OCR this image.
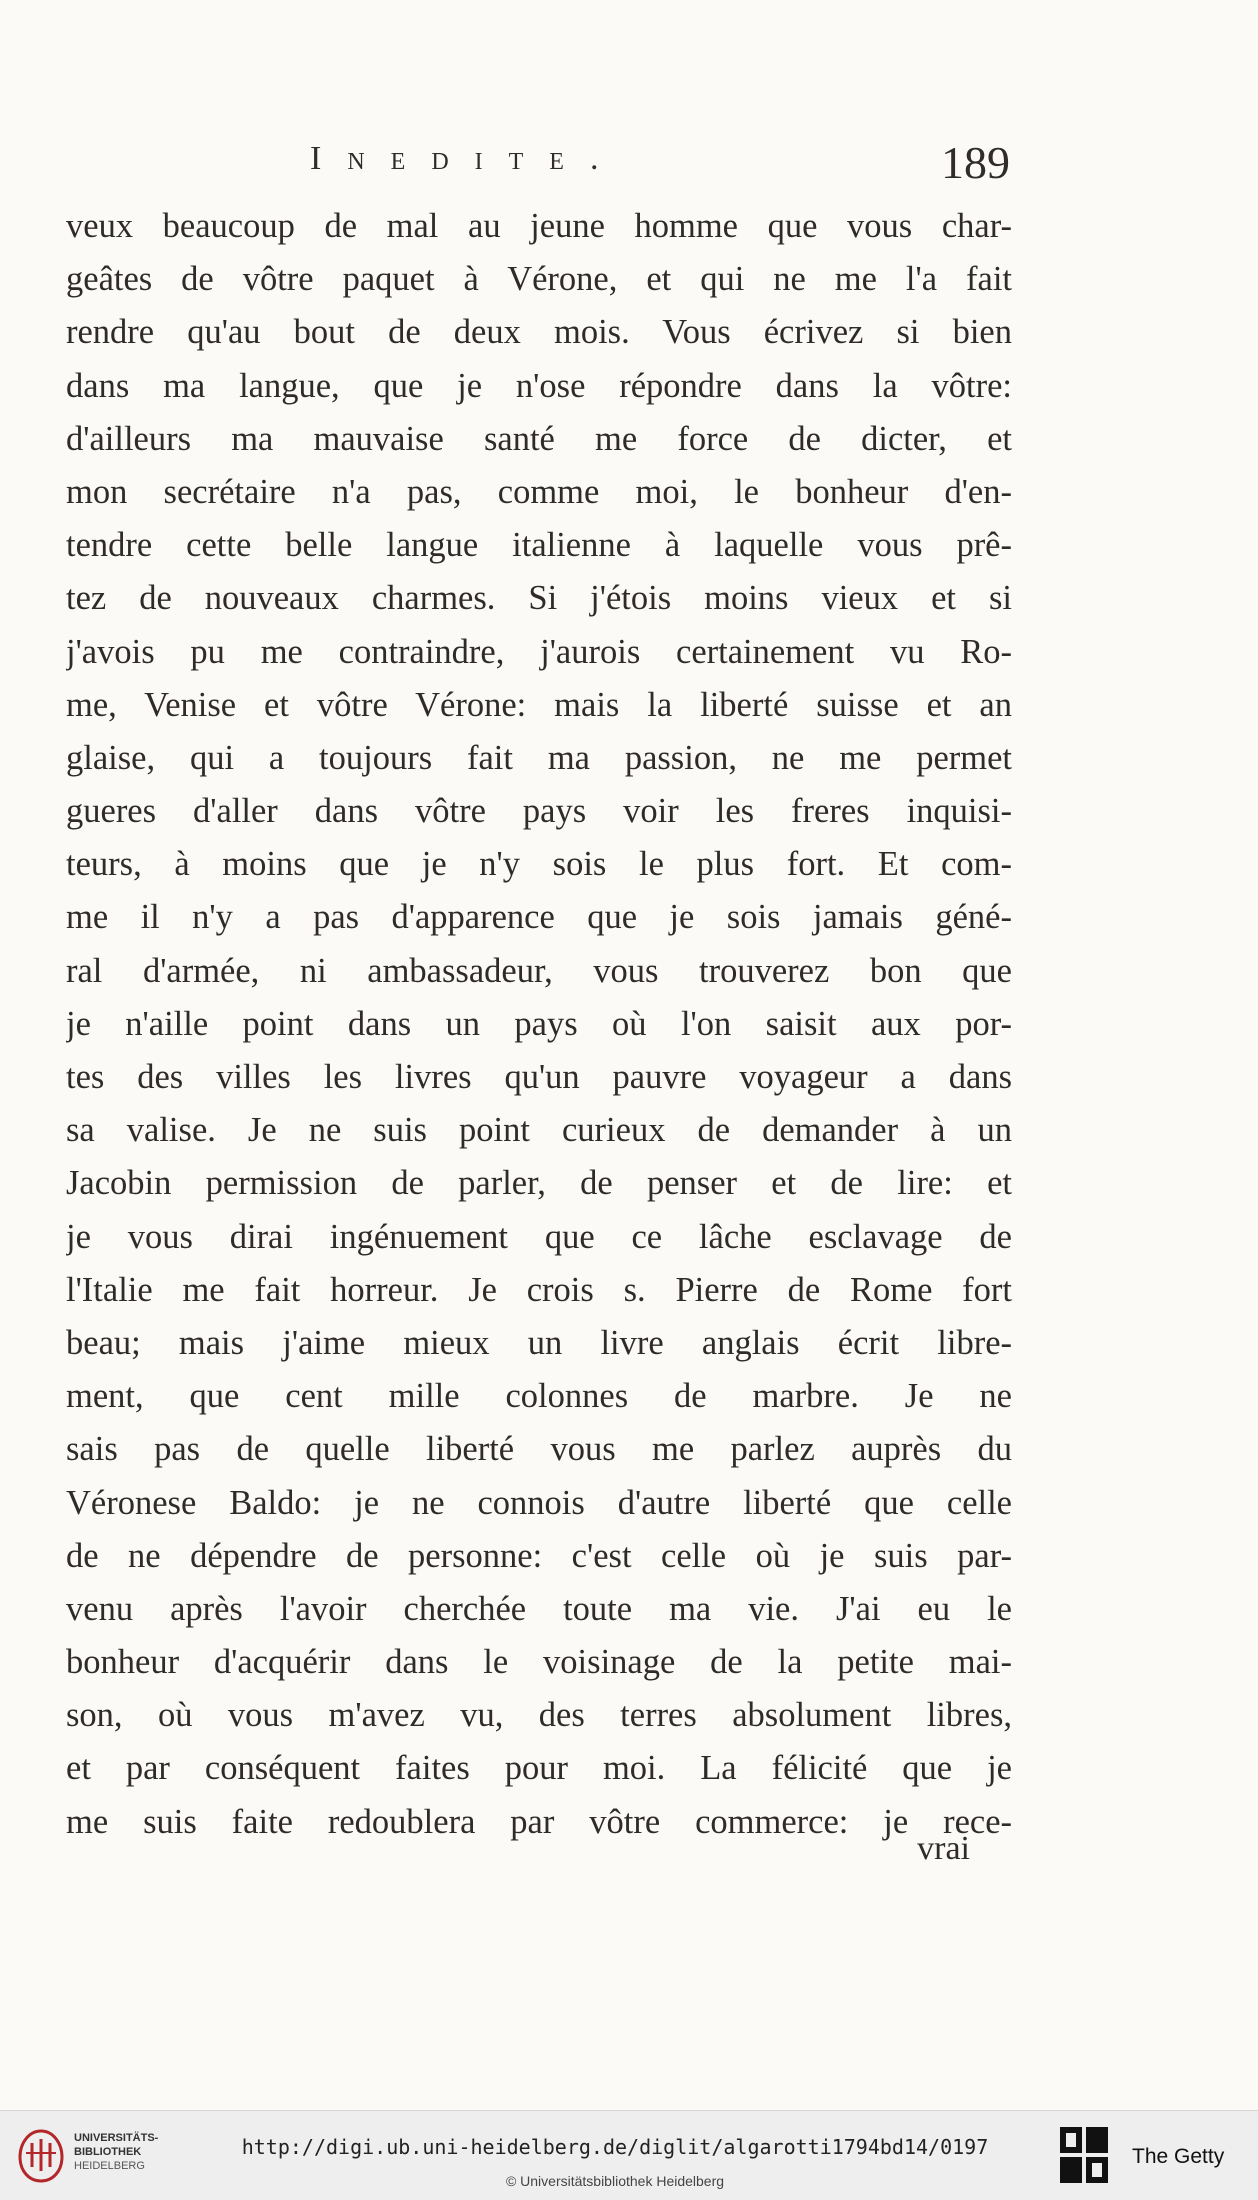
Inedite.	189
veux beaucoup de mal au jeune homme que vous char-
geâtes de vôtre paquet à Vérone, et qui ne me l'a fait
rendre qu'au bout de deux mois. Vous écrivez si bien
dans ma langue, que je n'ose répondre dans la vôtre:
d'ailleurs ma mauvaise santé me force de dicter, et
mon secrétaire n'a pas, comme moi, le bonheur d'en-
tendre cette belle langue italienne à laquelle vous prê-
tez de nouveaux charmes. Si j'étois moins vieux et si
j'avois pu me contraindre, j'aurois certainement vu Ro-
me, Venise et vôtre Vérone: mais la liberté suisse et an
glaise, qui a toujours fait ma passion, ne me permet
gueres d'aller dans vôtre pays voir les freres inquisi-
teurs, à moins que je n'y sois le plus fort. Et com-
me il n'y a pas d'apparence que je sois jamais géné-
ral d'armée, ni ambassadeur, vous trouverez bon que
je n'aille point dans un pays où l'on saisit aux por-
tes des villes les livres qu'un pauvre voyageur a dans
sa valise. Je ne suis point curieux de demander à un
Jacobin permission de parler, de penser et de lire: et
je vous dirai ingénuement que ce lâche esclavage de
l'Italie me fait horreur. Je crois s. Pierre de Rome fort
beau; mais j'aime mieux un livre anglais écrit libre-
ment, que cent mille colonnes de marbre. Je ne
sais pas de quelle liberté vous me parlez auprès du
Véronese Baldo: je ne connois d'autre liberté que celle
de ne dépendre de personne: c'est celle où je suis par-
venu après l'avoir cherchée toute ma vie. J'ai eu le
bonheur d'acquérir dans le voisinage de la petite mai-
son, où vous m'avez vu, des terres absolument libres,
et par conséquent faites pour moi. La félicité que je
me suis faite redoublera par vôtre commerce: je rece-
vrai
UNIVERSITÄTS-
BIBLIOTHEK
HEIDELBERG
http://digi.ub.uni-heidelberg.de/diglit/algarotti1794bd14/0197
© Universitätsbibliothek Heidelberg
The Getty
